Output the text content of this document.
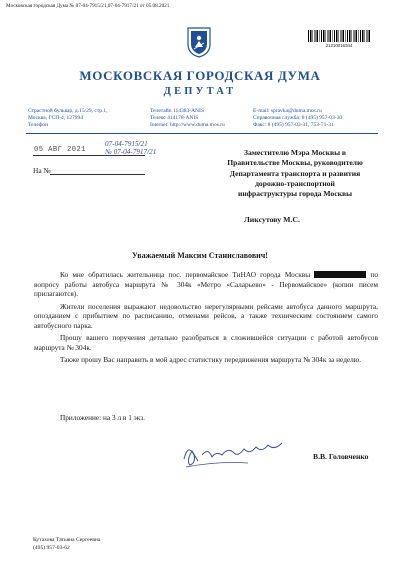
Московская городская Дума № 07-04-7915/21,07-04-7917/21 от 05.08.2021
21210016344
МОСКОВСКАЯ ГОРОДСКАЯ ДУМА
ДЕПУТАТ
Страстной бульвар, д.15/29, стр.1,
Москва, ГСП-4, 127994
Телефон
Телетайп 114383-ANIS
Телекс 414178-ANIS
Internet: http://www.duma.mos.ru
E-mail: spravka@duma.mos.ru
Справочная служба: 8 (495) 957-03-30
Факс: 8 (495) 957-03-31, 753-71-31
05 АВГ 2021
07-04-7915/21
№ 07-04-7917/21
На №
Заместителю Мэра Москвы в
Правительстве Москвы, руководителю
Департамента транспорта и развития
дорожно-транспортной
инфраструктуры города Москвы
Ликсутову М.С.
Уважаемый Максим Станиславович!

Ко мне обратилась жительница пос. первомайское ТиНАО города Москвы	по вопросу работы автобуса маршрута № 304к «Метро «Саларьево» - Первомайское» (копии писем прилагаются).

Жители поселения выражают недовольство нерегулярными рейсами автобуса данного маршрута, опозданием с прибытием по расписанию, отменами рейсов, а также техническим состоянием самого автобусного парка.

Прошу вашего поручения детально разобраться в сложившейся ситуации с работой автобусов маршрута № 304к.

Также прошу Вас направить в мой адрес статистику передвижения маршрута № 304к за неделю.

Приложение: на 3 л в 1 экз.
В.В. Головченко
Кутахова Татьяна Сергеевна
(495) 957-03-62
